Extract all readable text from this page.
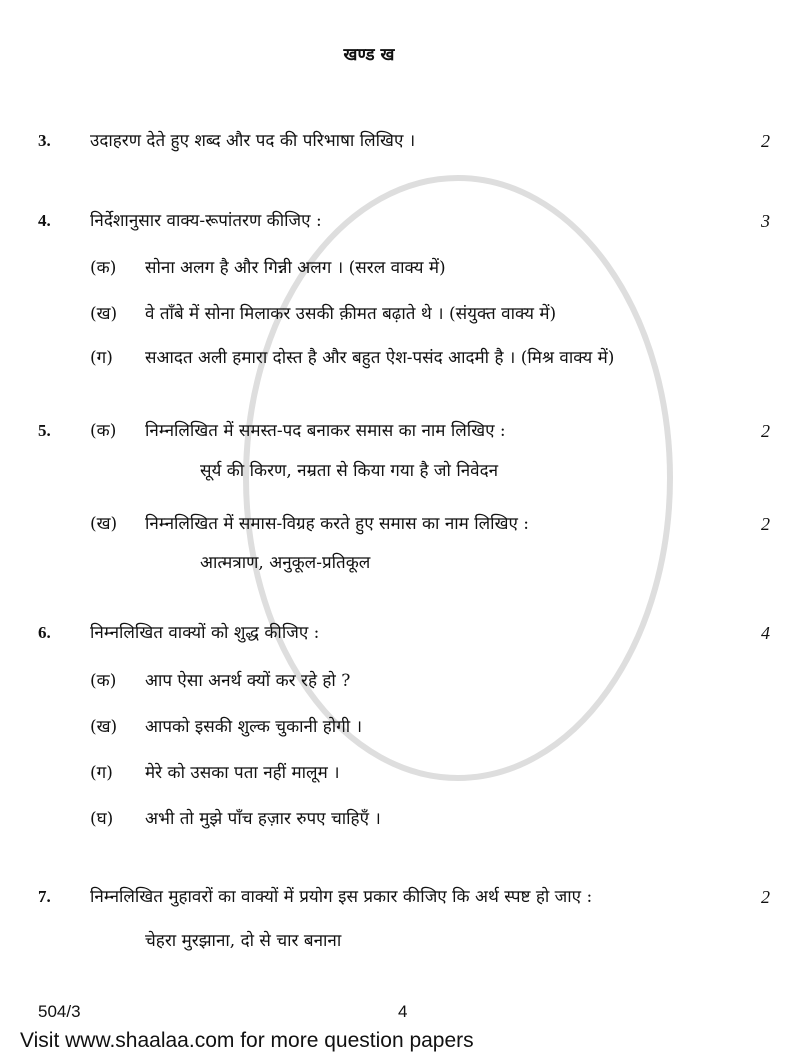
खण्ड ख
3.	उदाहरण देते हुए शब्द और पद की परिभाषा लिखिए ।	2
4.	निर्देशानुसार वाक्य-रूपांतरण कीजिए :	3
(क)	सोना अलग है और गिन्नी अलग । (सरल वाक्य में)
(ख)	वे ताँबे में सोना मिलाकर उसकी क़ीमत बढ़ाते थे । (संयुक्त वाक्य में)
(ग)	सआदत अली हमारा दोस्त है और बहुत ऐश-पसंद आदमी है । (मिश्र वाक्य में)
5.	(क)	निम्नलिखित में समस्त-पद बनाकर समास का नाम लिखिए :	2
सूर्य की किरण, नम्रता से किया गया है जो निवेदन
(ख)	निम्नलिखित में समास-विग्रह करते हुए समास का नाम लिखिए :	2
आत्मत्राण, अनुकूल-प्रतिकूल
6.	निम्नलिखित वाक्यों को शुद्ध कीजिए :	4
(क)	आप ऐसा अनर्थ क्यों कर रहे हो ?
(ख)	आपको इसकी शुल्क चुकानी होगी ।
(ग)	मेरे को उसका पता नहीं मालूम ।
(घ)	अभी तो मुझे पाँच हज़ार रुपए चाहिएँ ।
7.	निम्नलिखित मुहावरों का वाक्यों में प्रयोग इस प्रकार कीजिए कि अर्थ स्पष्ट हो जाए :	2
चेहरा मुरझाना, दो से चार बनाना
504/3	4
Visit www.shaalaa.com for more question papers
